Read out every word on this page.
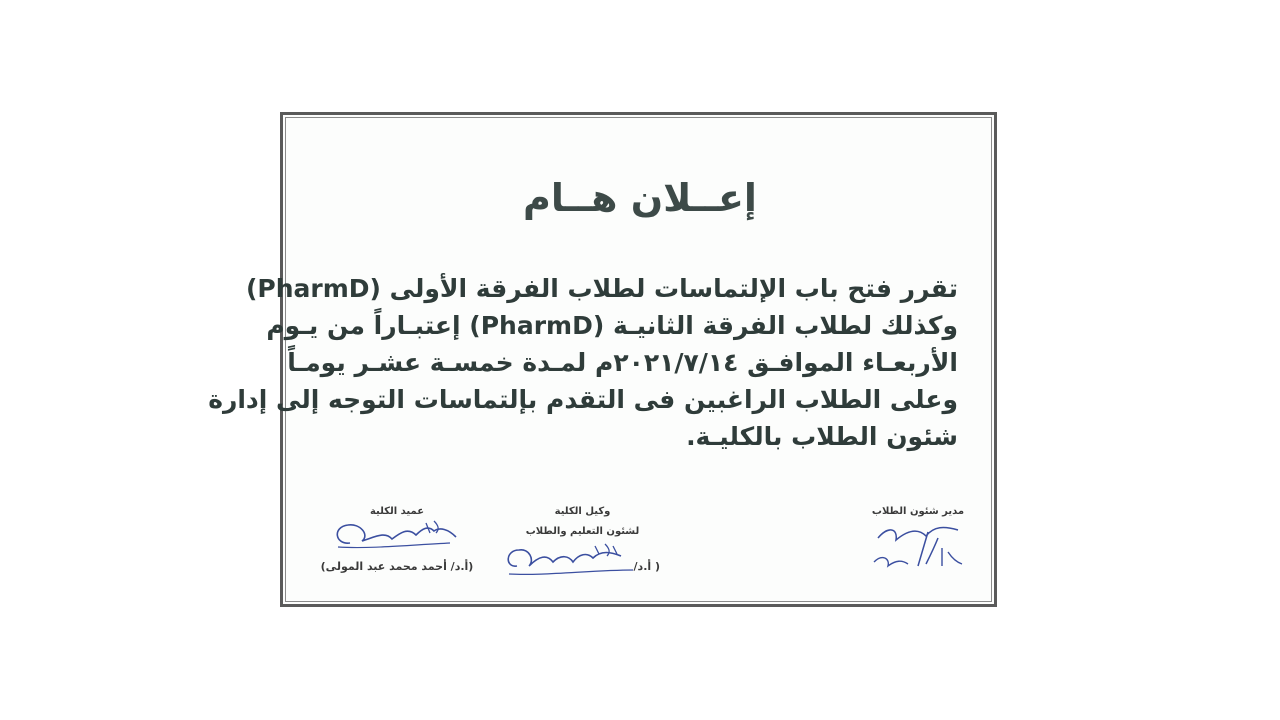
إعــلان هــام
تقرر فتح باب الإلتماسات لطلاب الفرقة الأولى (PharmD)
وكذلك لطلاب الفرقة الثانيـة (PharmD) إعتبـاراً من يـوم
الأربعـاء الموافـق ٢٠٢١/٧/١٤م لمـدة خمسـة عشـر يومـاً
وعلى الطلاب الراغبين فى التقدم بإلتماسات التوجه إلى إدارة
شئون الطلاب بالكليـة.
عميد الكلية
(أ.د/ أحمد محمد عبد المولى)
وكيل الكلية
لشئون التعليم والطلاب
( أ.د/
مدير شئون الطلاب
